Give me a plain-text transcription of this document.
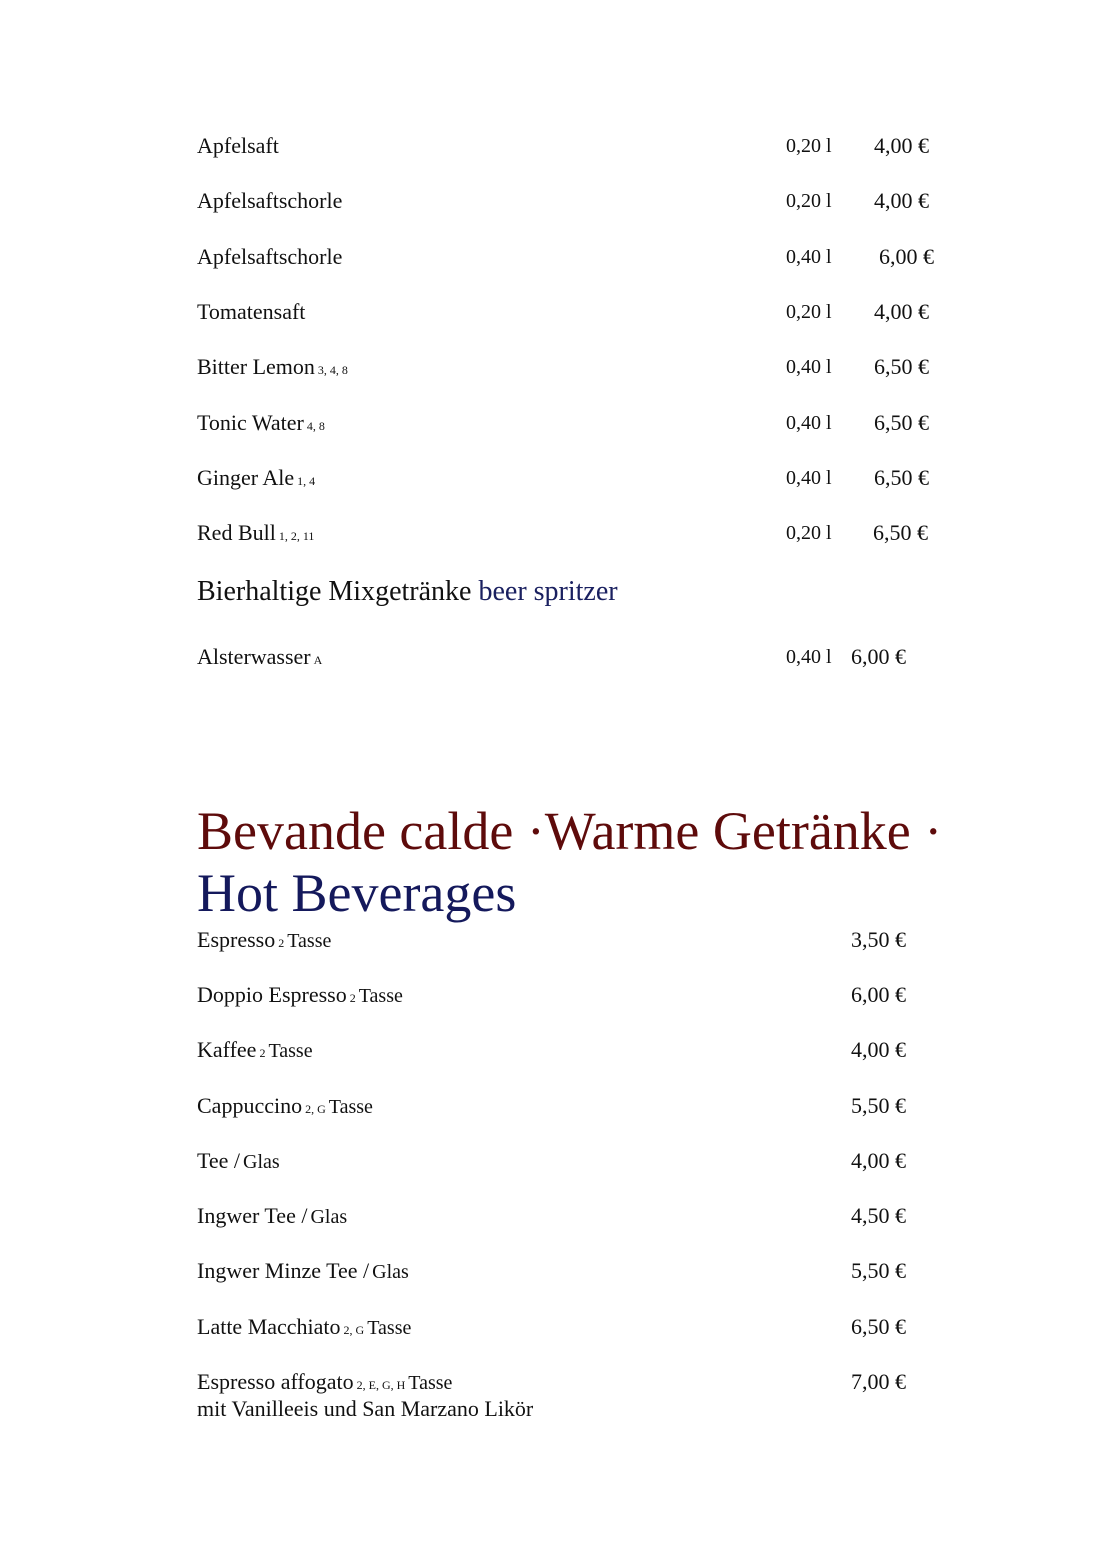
Apfelsaft	0,20 l 4,00 €
Apfelsaftschorle	0,20 l 4,00 €
Apfelsaftschorle	0,40 l 6,00 €
Tomatensaft	0,20 l 4,00 €
Bitter Lemon 3, 4, 8	0,40 l 6,50 €
Tonic Water 4, 8	0,40 l 6,50 €
Ginger Ale 1, 4	0,40 l 6,50 €
Red Bull 1, 2, 11	0,20 l 6,50 €
Bierhaltige Mixgetränke beer spritzer
Alsterwasser A	0,40 l 6,00 €
Bevande calde ·Warme Getränke ·
Hot Beverages
Espresso 2 Tasse	3,50 €
Doppio Espresso 2 Tasse	6,00 €
Kaffee 2 Tasse	4,00 €
Cappuccino 2, G Tasse	5,50 €
Tee / Glas	4,00 €
Ingwer Tee / Glas	4,50 €
Ingwer Minze Tee / Glas	5,50 €
Latte Macchiato 2, G Tasse	6,50 €
Espresso affogato 2, E, G, H Tasse	7,00 €
mit Vanilleeis und San Marzano Likör
